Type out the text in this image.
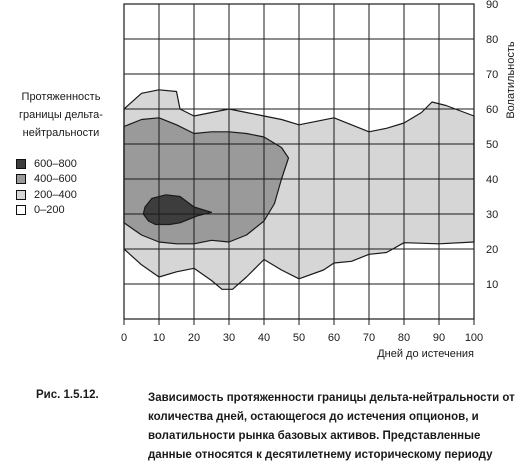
0 10 20 30 40 50 60 70 80 90 100
10
20
30
40
50
60
70
80
90
Дней до истечения
Волатильность
Протяженность
границы дельта-
нейтральности
600–800
400–600
200–400
0–200
Рис. 1.5.12.	Зависимость протяженности границы дельта-нейтральности от количества дней, остающегося до истечения опционов, и волатильности рынка базовых активов. Представленные данные относятся к десятилетнему историческому периоду
